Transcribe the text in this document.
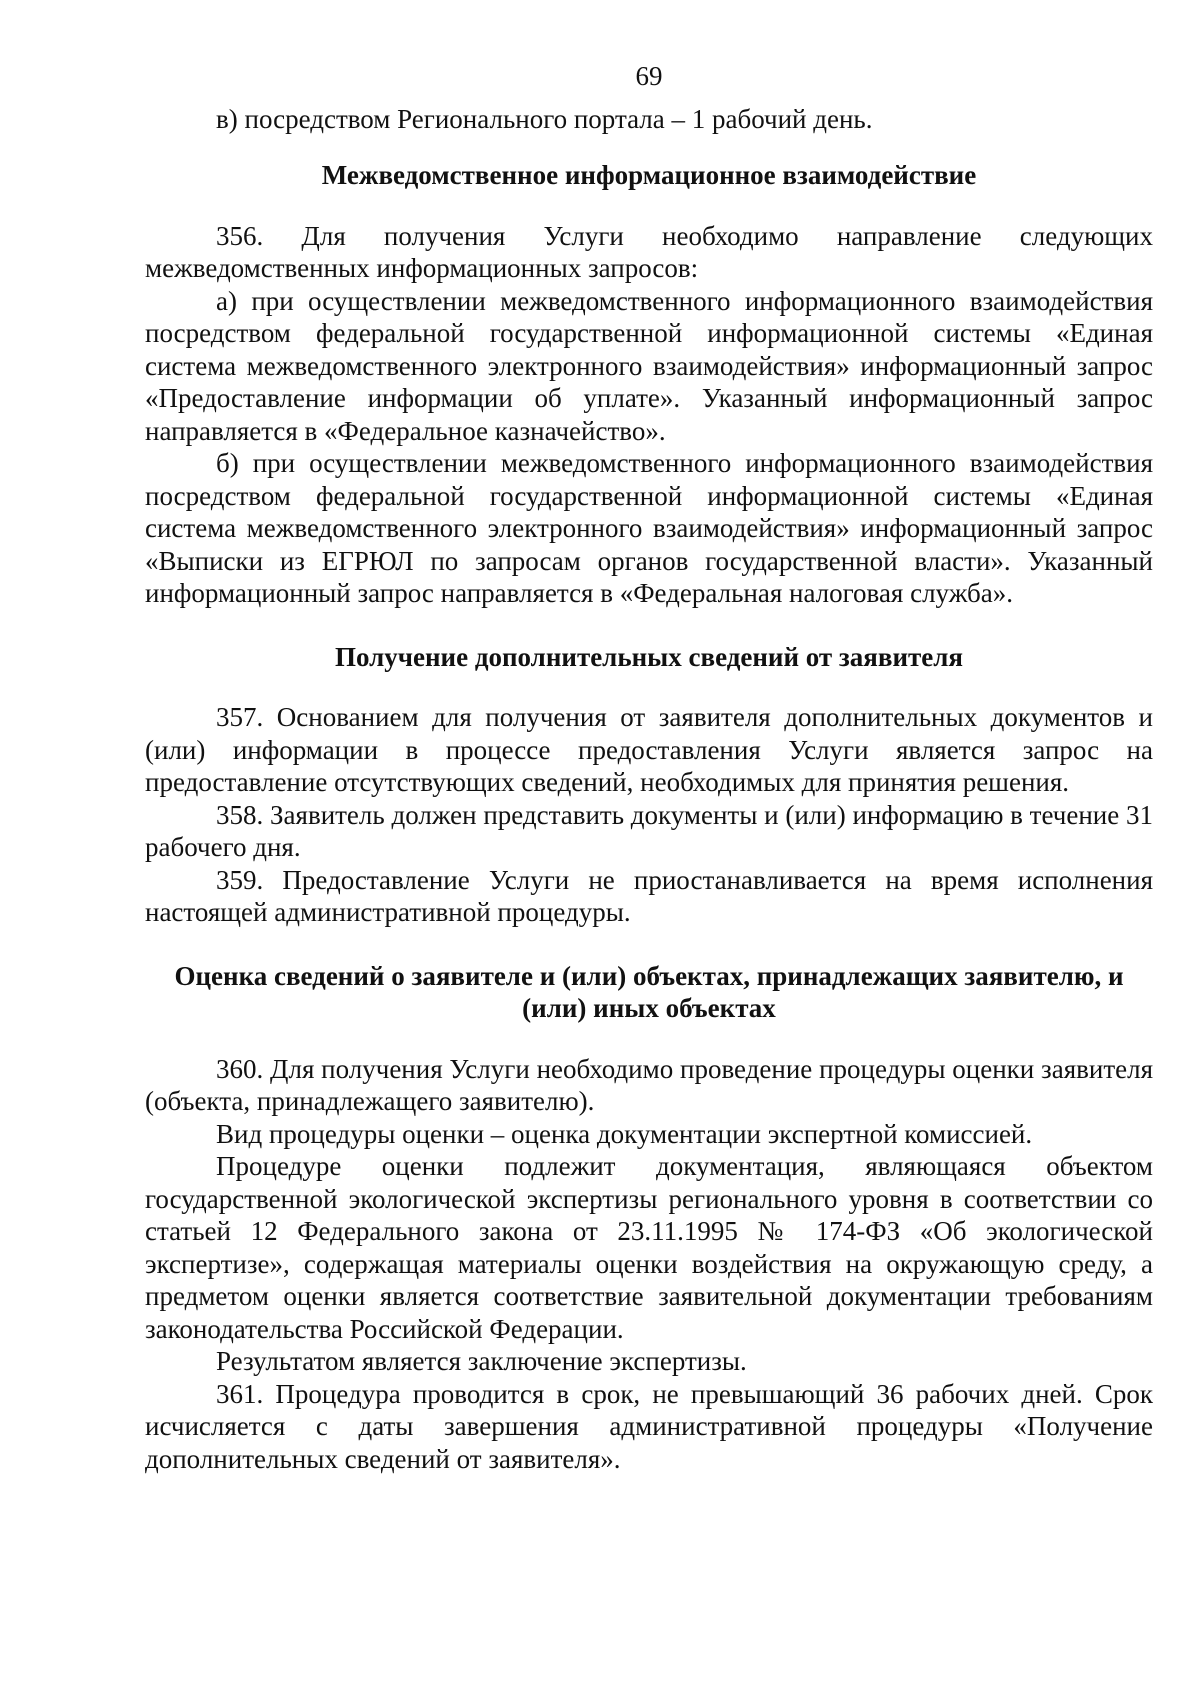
69

в) посредством Регионального портала – 1 рабочий день.

Межведомственное информационное взаимодействие

356. Для получения Услуги необходимо направление следующих межведомственных информационных запросов:

а) при осуществлении межведомственного информационного взаимодействия посредством федеральной государственной информационной системы «Единая система межведомственного электронного взаимодействия» информационный запрос «Предоставление информации об уплате». Указанный информационный запрос направляется в «Федеральное казначейство».

б) при осуществлении межведомственного информационного взаимодействия посредством федеральной государственной информационной системы «Единая система межведомственного электронного взаимодействия» информационный запрос «Выписки из ЕГРЮЛ по запросам органов государственной власти». Указанный информационный запрос направляется в «Федеральная налоговая служба».

Получение дополнительных сведений от заявителя

357. Основанием для получения от заявителя дополнительных документов и (или) информации в процессе предоставления Услуги является запрос на предоставление отсутствующих сведений, необходимых для принятия решения.

358. Заявитель должен представить документы и (или) информацию в течение 31 рабочего дня.

359. Предоставление Услуги не приостанавливается на время исполнения настоящей административной процедуры.

Оценка сведений о заявителе и (или) объектах, принадлежащих заявителю, и (или) иных объектах

360. Для получения Услуги необходимо проведение процедуры оценки заявителя (объекта, принадлежащего заявителю).

Вид процедуры оценки – оценка документации экспертной комиссией.

Процедуре оценки подлежит документация, являющаяся объектом государственной экологической экспертизы регионального уровня в соответствии со статьей 12 Федерального закона от 23.11.1995 № 174-ФЗ «Об экологической экспертизе», содержащая материалы оценки воздействия на окружающую среду, а предметом оценки является соответствие заявительной документации требованиям законодательства Российской Федерации.

Результатом является заключение экспертизы.

361. Процедура проводится в срок, не превышающий 36 рабочих дней. Срок исчисляется с даты завершения административной процедуры «Получение дополнительных сведений от заявителя».
